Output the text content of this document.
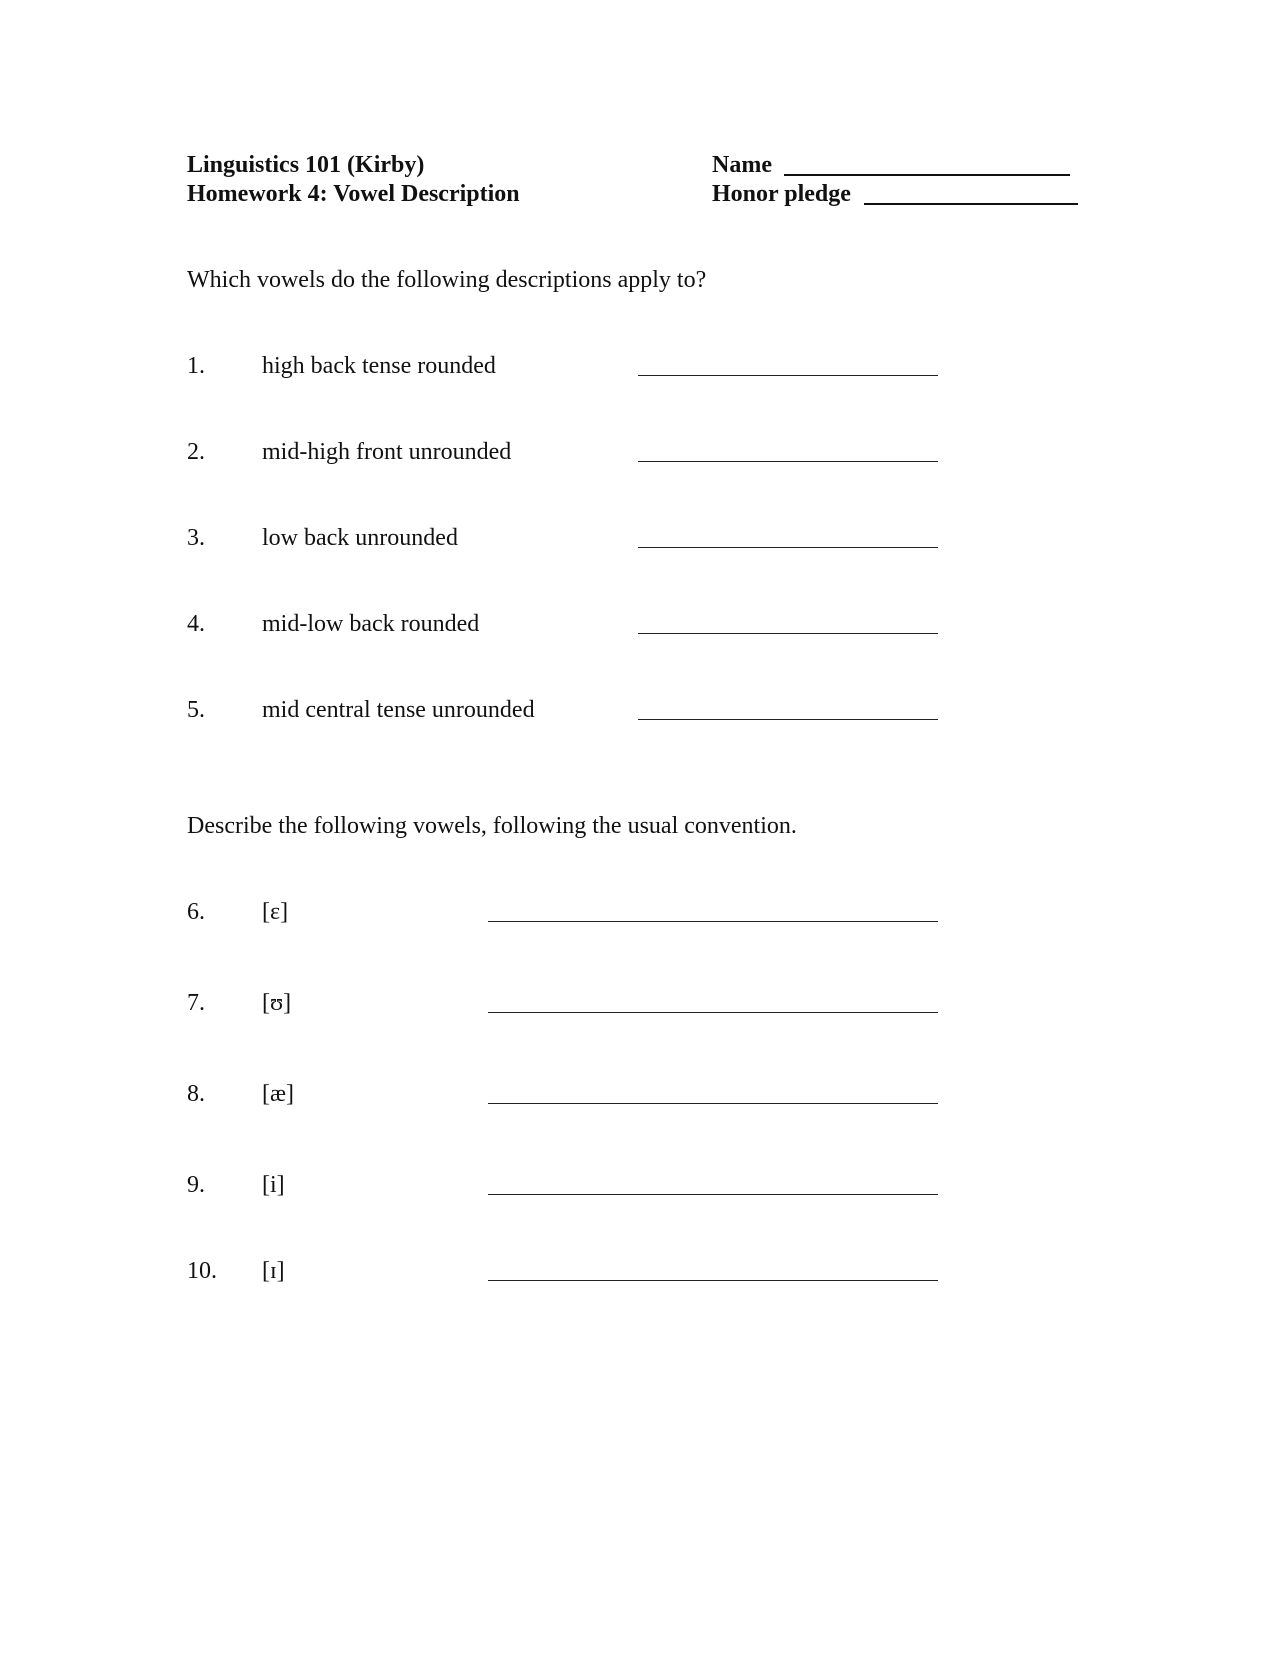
Linguistics 101 (Kirby)
Homework 4: Vowel Description
Name
Honor pledge
Which vowels do the following descriptions apply to?
1. high back tense rounded
2. mid-high front unrounded
3. low back unrounded
4. mid-low back rounded
5. mid central tense unrounded
Describe the following vowels, following the usual convention.
6. [ɛ]
7. [ʊ]
8. [æ]
9. [i]
10. [ɪ]
